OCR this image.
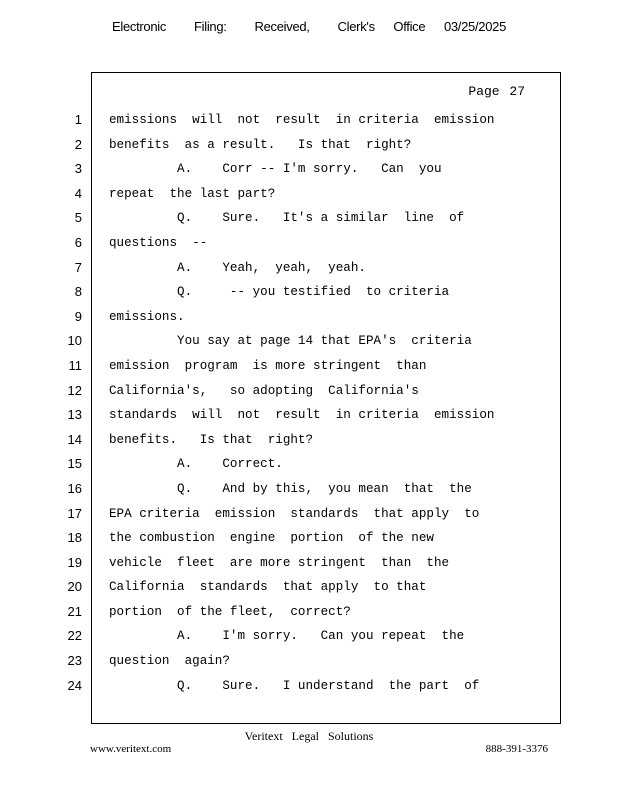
Electronic   Filing:   Received,   Clerk's  Office  03/25/2025
Page 27
1
2
3
4
5
6
7
8
9
10
11
12
13
14
15
16
17
18
19
20
21
22
23
24
emissions  will  not  result  in criteria  emission
benefits  as a result.   Is that  right?
A.    Corr -- I'm sorry.   Can  you
repeat  the last part?
Q.    Sure.   It's a similar  line  of
questions  --
A.    Yeah,  yeah,  yeah.
Q.     -- you testified  to criteria
emissions.
You say at page 14 that EPA's  criteria
emission  program  is more stringent  than
California's,   so adopting  California's
standards  will  not  result  in criteria  emission
benefits.   Is that  right?
A.    Correct.
Q.    And by this,  you mean  that  the
EPA criteria  emission  standards  that apply  to
the combustion  engine  portion  of the new
vehicle  fleet  are more stringent  than  the
California  standards  that apply  to that
portion  of the fleet,  correct?
A.    I'm sorry.   Can you repeat  the
question  again?
Q.    Sure.   I understand  the part  of
Veritext Legal Solutions
www.veritext.com	888-391-3376
